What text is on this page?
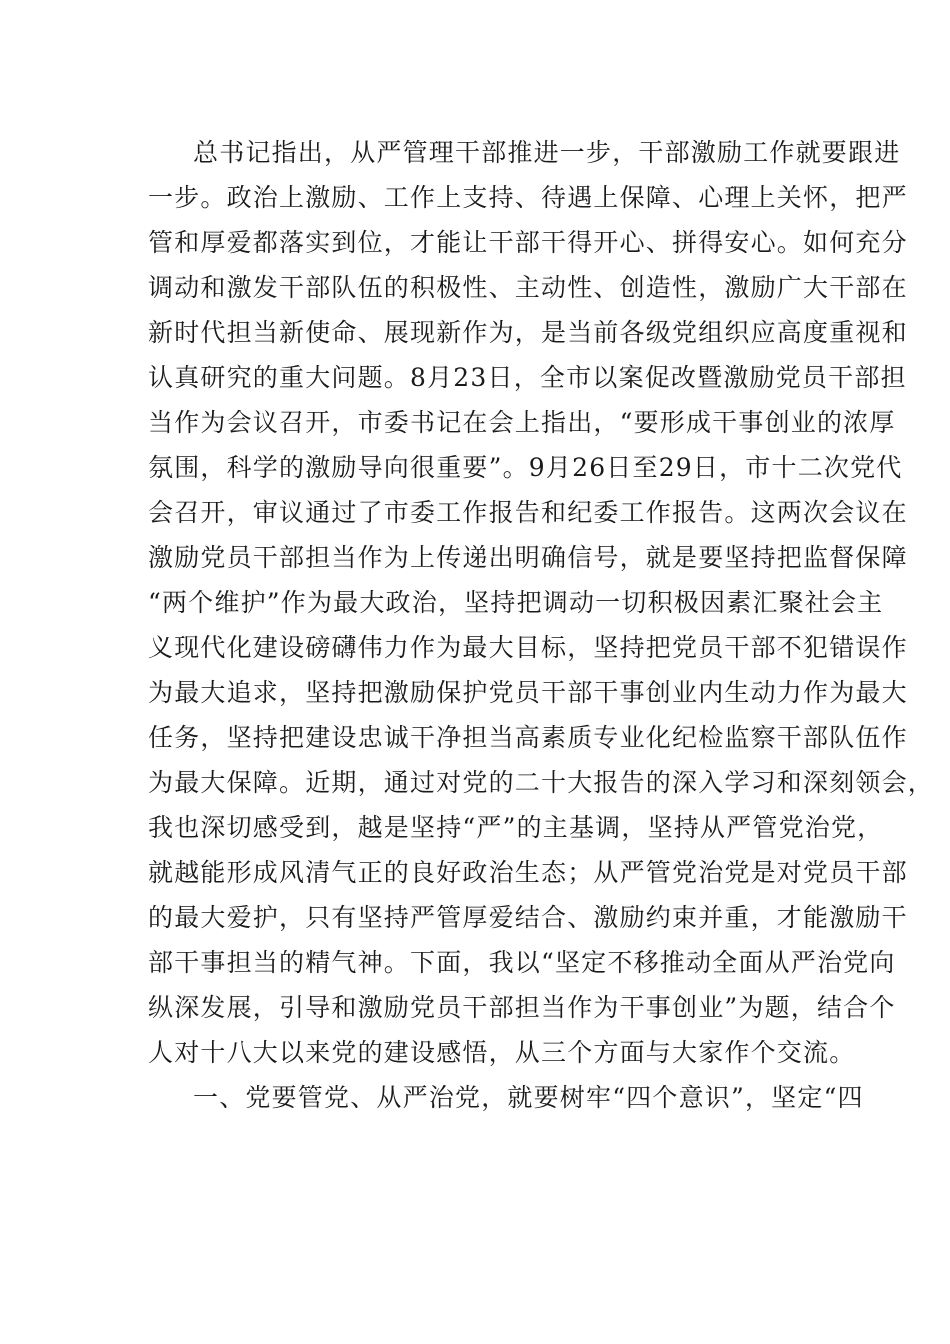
总书记指出，从严管理干部推进一步，干部激励工作就要跟进
一步。政治上激励、工作上支持、待遇上保障、心理上关怀，把严
管和厚爱都落实到位，才能让干部干得开心、拼得安心。如何充分
调动和激发干部队伍的积极性、主动性、创造性，激励广大干部在
新时代担当新使命、展现新作为，是当前各级党组织应高度重视和
认真研究的重大问题。8月23日，全市以案促改暨激励党员干部担
当作为会议召开，市委书记在会上指出，“要形成干事创业的浓厚
氛围，科学的激励导向很重要”。9月26日至29日，市十二次党代
会召开，审议通过了市委工作报告和纪委工作报告。这两次会议在
激励党员干部担当作为上传递出明确信号，就是要坚持把监督保障
“两个维护”作为最大政治，坚持把调动一切积极因素汇聚社会主
义现代化建设磅礴伟力作为最大目标，坚持把党员干部不犯错误作
为最大追求，坚持把激励保护党员干部干事创业内生动力作为最大
任务，坚持把建设忠诚干净担当高素质专业化纪检监察干部队伍作
为最大保障。近期，通过对党的二十大报告的深入学习和深刻领会，
我也深切感受到，越是坚持“严”的主基调，坚持从严管党治党，
就越能形成风清气正的良好政治生态；从严管党治党是对党员干部
的最大爱护，只有坚持严管厚爱结合、激励约束并重，才能激励干
部干事担当的精气神。下面，我以“坚定不移推动全面从严治党向
纵深发展，引导和激励党员干部担当作为干事创业”为题，结合个
人对十八大以来党的建设感悟，从三个方面与大家作个交流。
一、党要管党、从严治党，就要树牢“四个意识”，坚定“四
